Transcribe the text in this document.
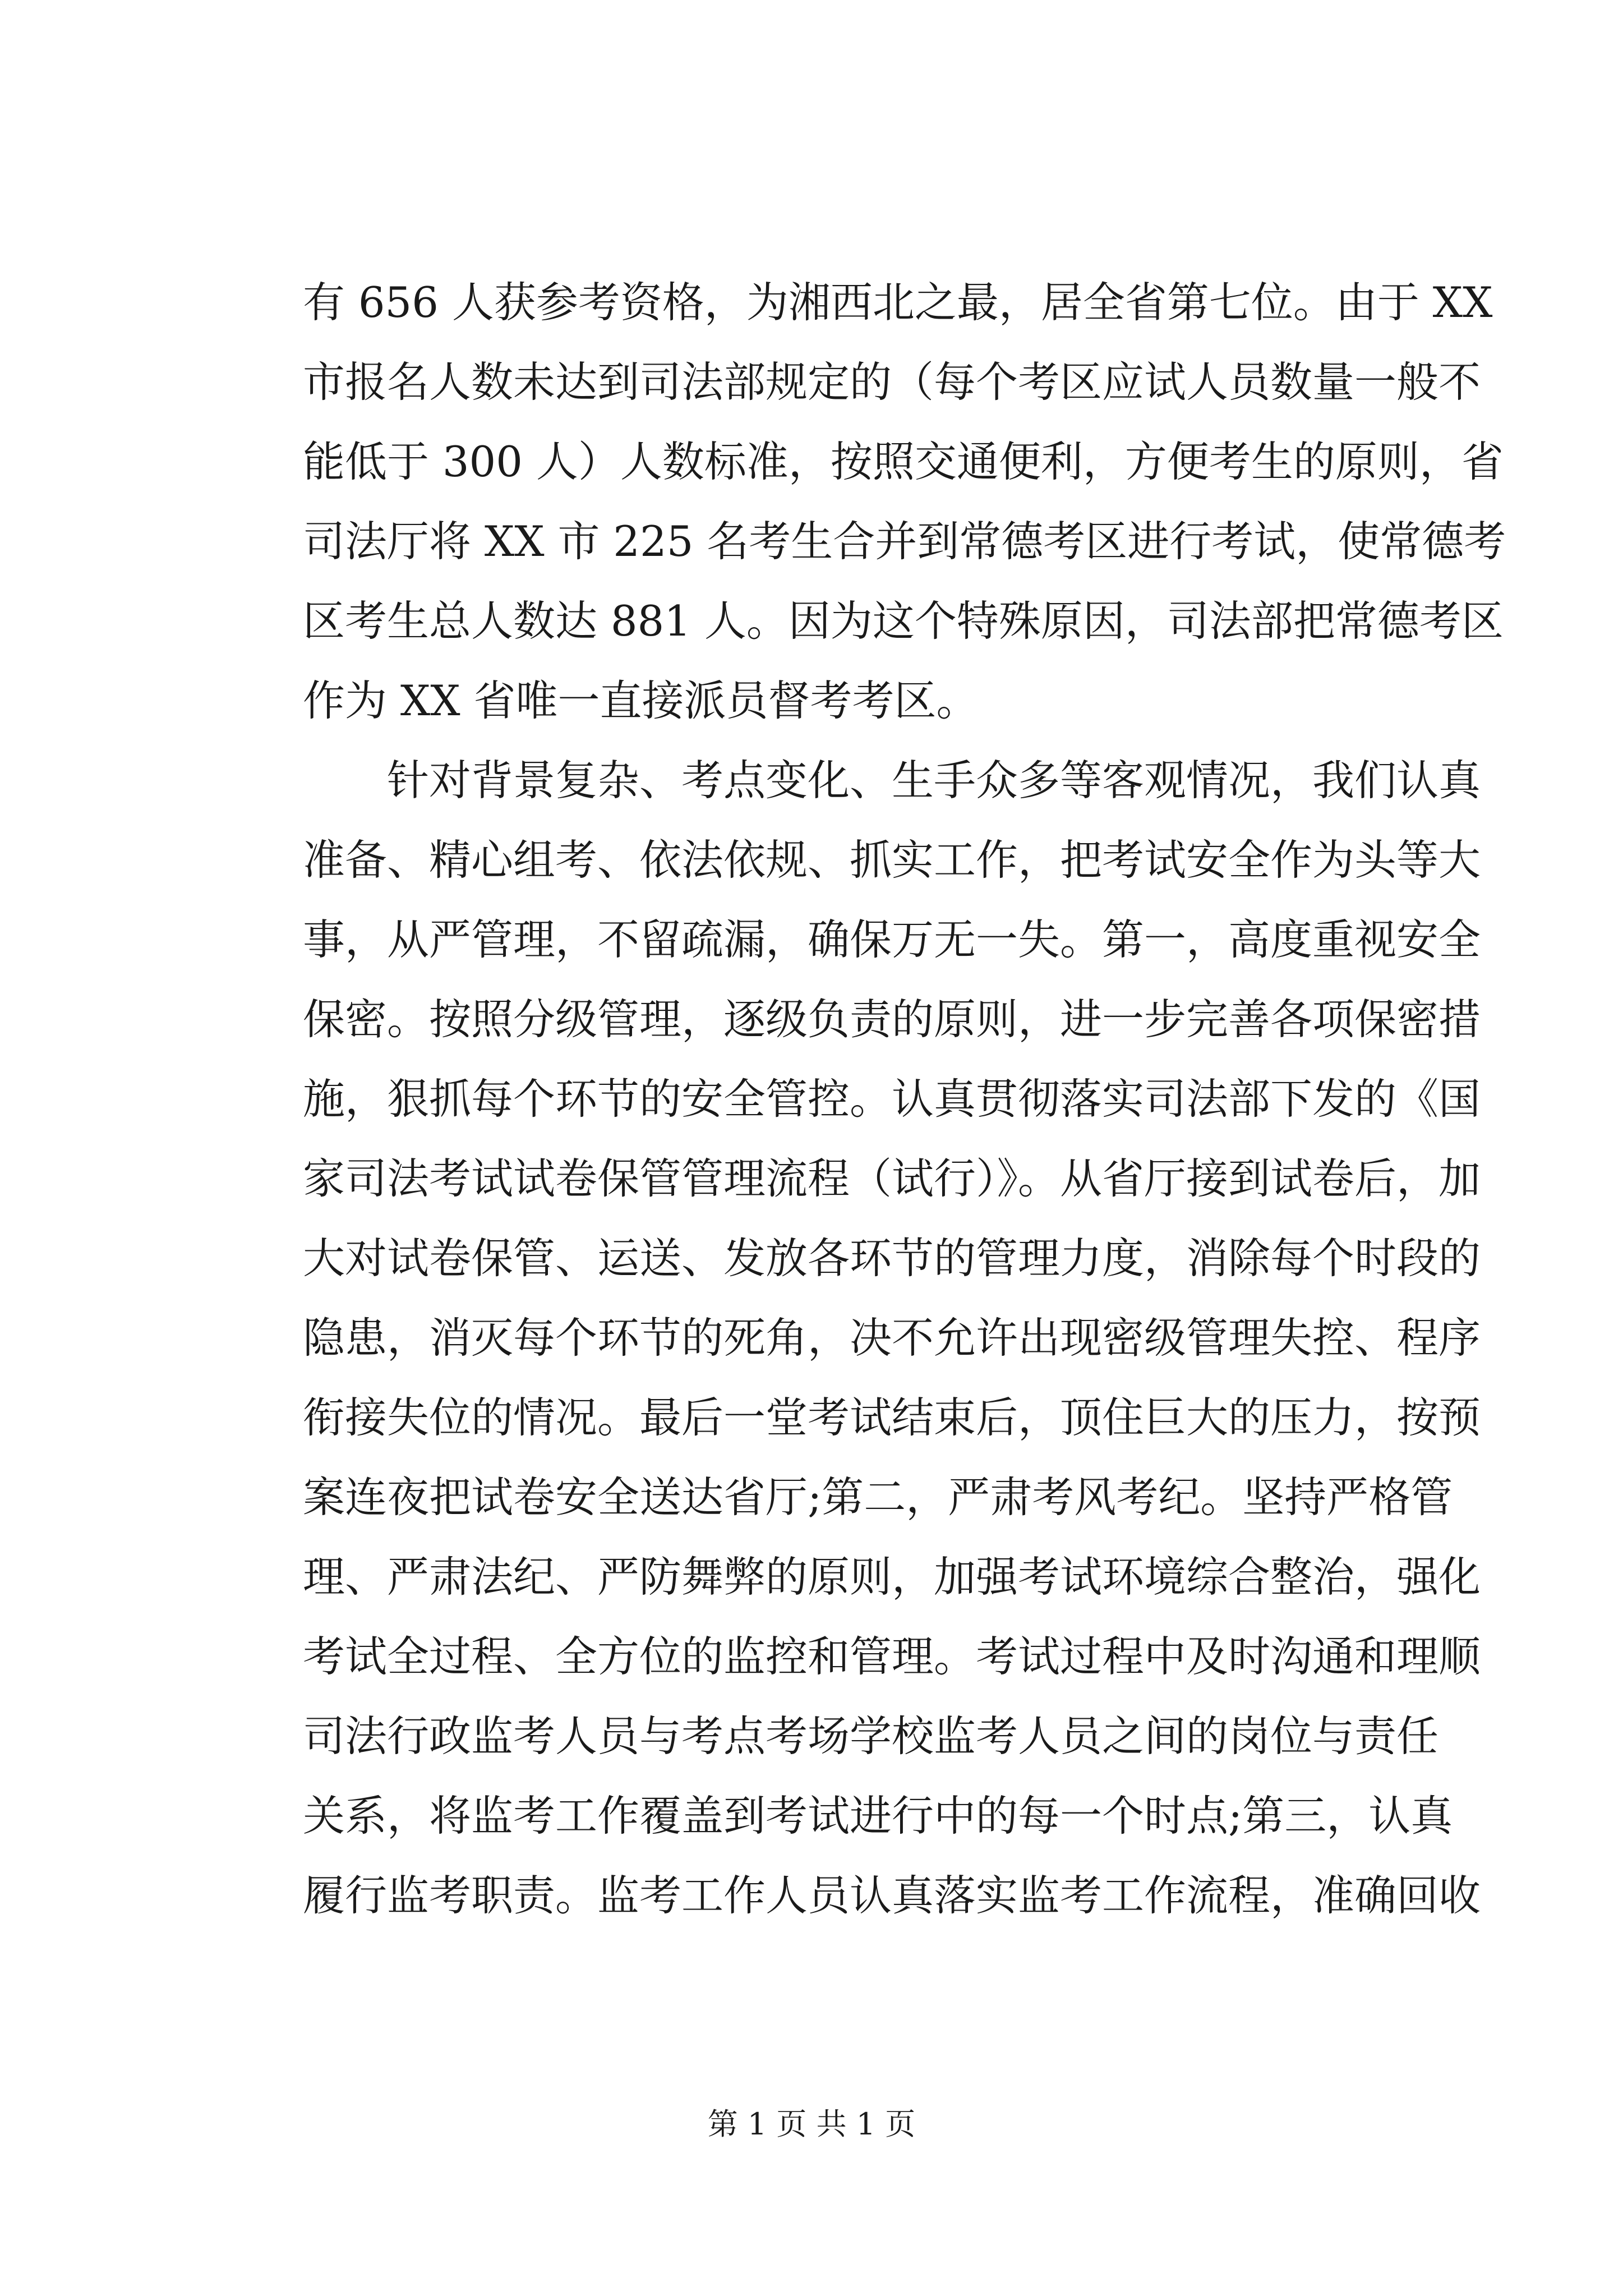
有 656 人获参考资格，为湘西北之最，居全省第七位。由于 XX
市报名人数未达到司法部规定的（每个考区应试人员数量一般不
能低于 300 人）人数标准，按照交通便利，方便考生的原则，省
司法厅将 XX 市 225 名考生合并到常德考区进行考试，使常德考
区考生总人数达 881 人。因为这个特殊原因，司法部把常德考区
作为 XX 省唯一直接派员督考考区。
针对背景复杂、考点变化、生手众多等客观情况，我们认真
准备、精心组考、依法依规、抓实工作，把考试安全作为头等大
事，从严管理，不留疏漏，确保万无一失。第一，高度重视安全
保密。按照分级管理，逐级负责的原则，进一步完善各项保密措
施，狠抓每个环节的安全管控。认真贯彻落实司法部下发的《国
家司法考试试卷保管管理流程（试行）》。从省厅接到试卷后，加
大对试卷保管、运送、发放各环节的管理力度，消除每个时段的
隐患，消灭每个环节的死角，决不允许出现密级管理失控、程序
衔接失位的情况。最后一堂考试结束后，顶住巨大的压力，按预
案连夜把试卷安全送达省厅;第二，严肃考风考纪。坚持严格管
理、严肃法纪、严防舞弊的原则，加强考试环境综合整治，强化
考试全过程、全方位的监控和管理。考试过程中及时沟通和理顺
司法行政监考人员与考点考场学校监考人员之间的岗位与责任
关系，将监考工作覆盖到考试进行中的每一个时点;第三，认真
履行监考职责。监考工作人员认真落实监考工作流程，准确回收
第 1 页 共 1 页
